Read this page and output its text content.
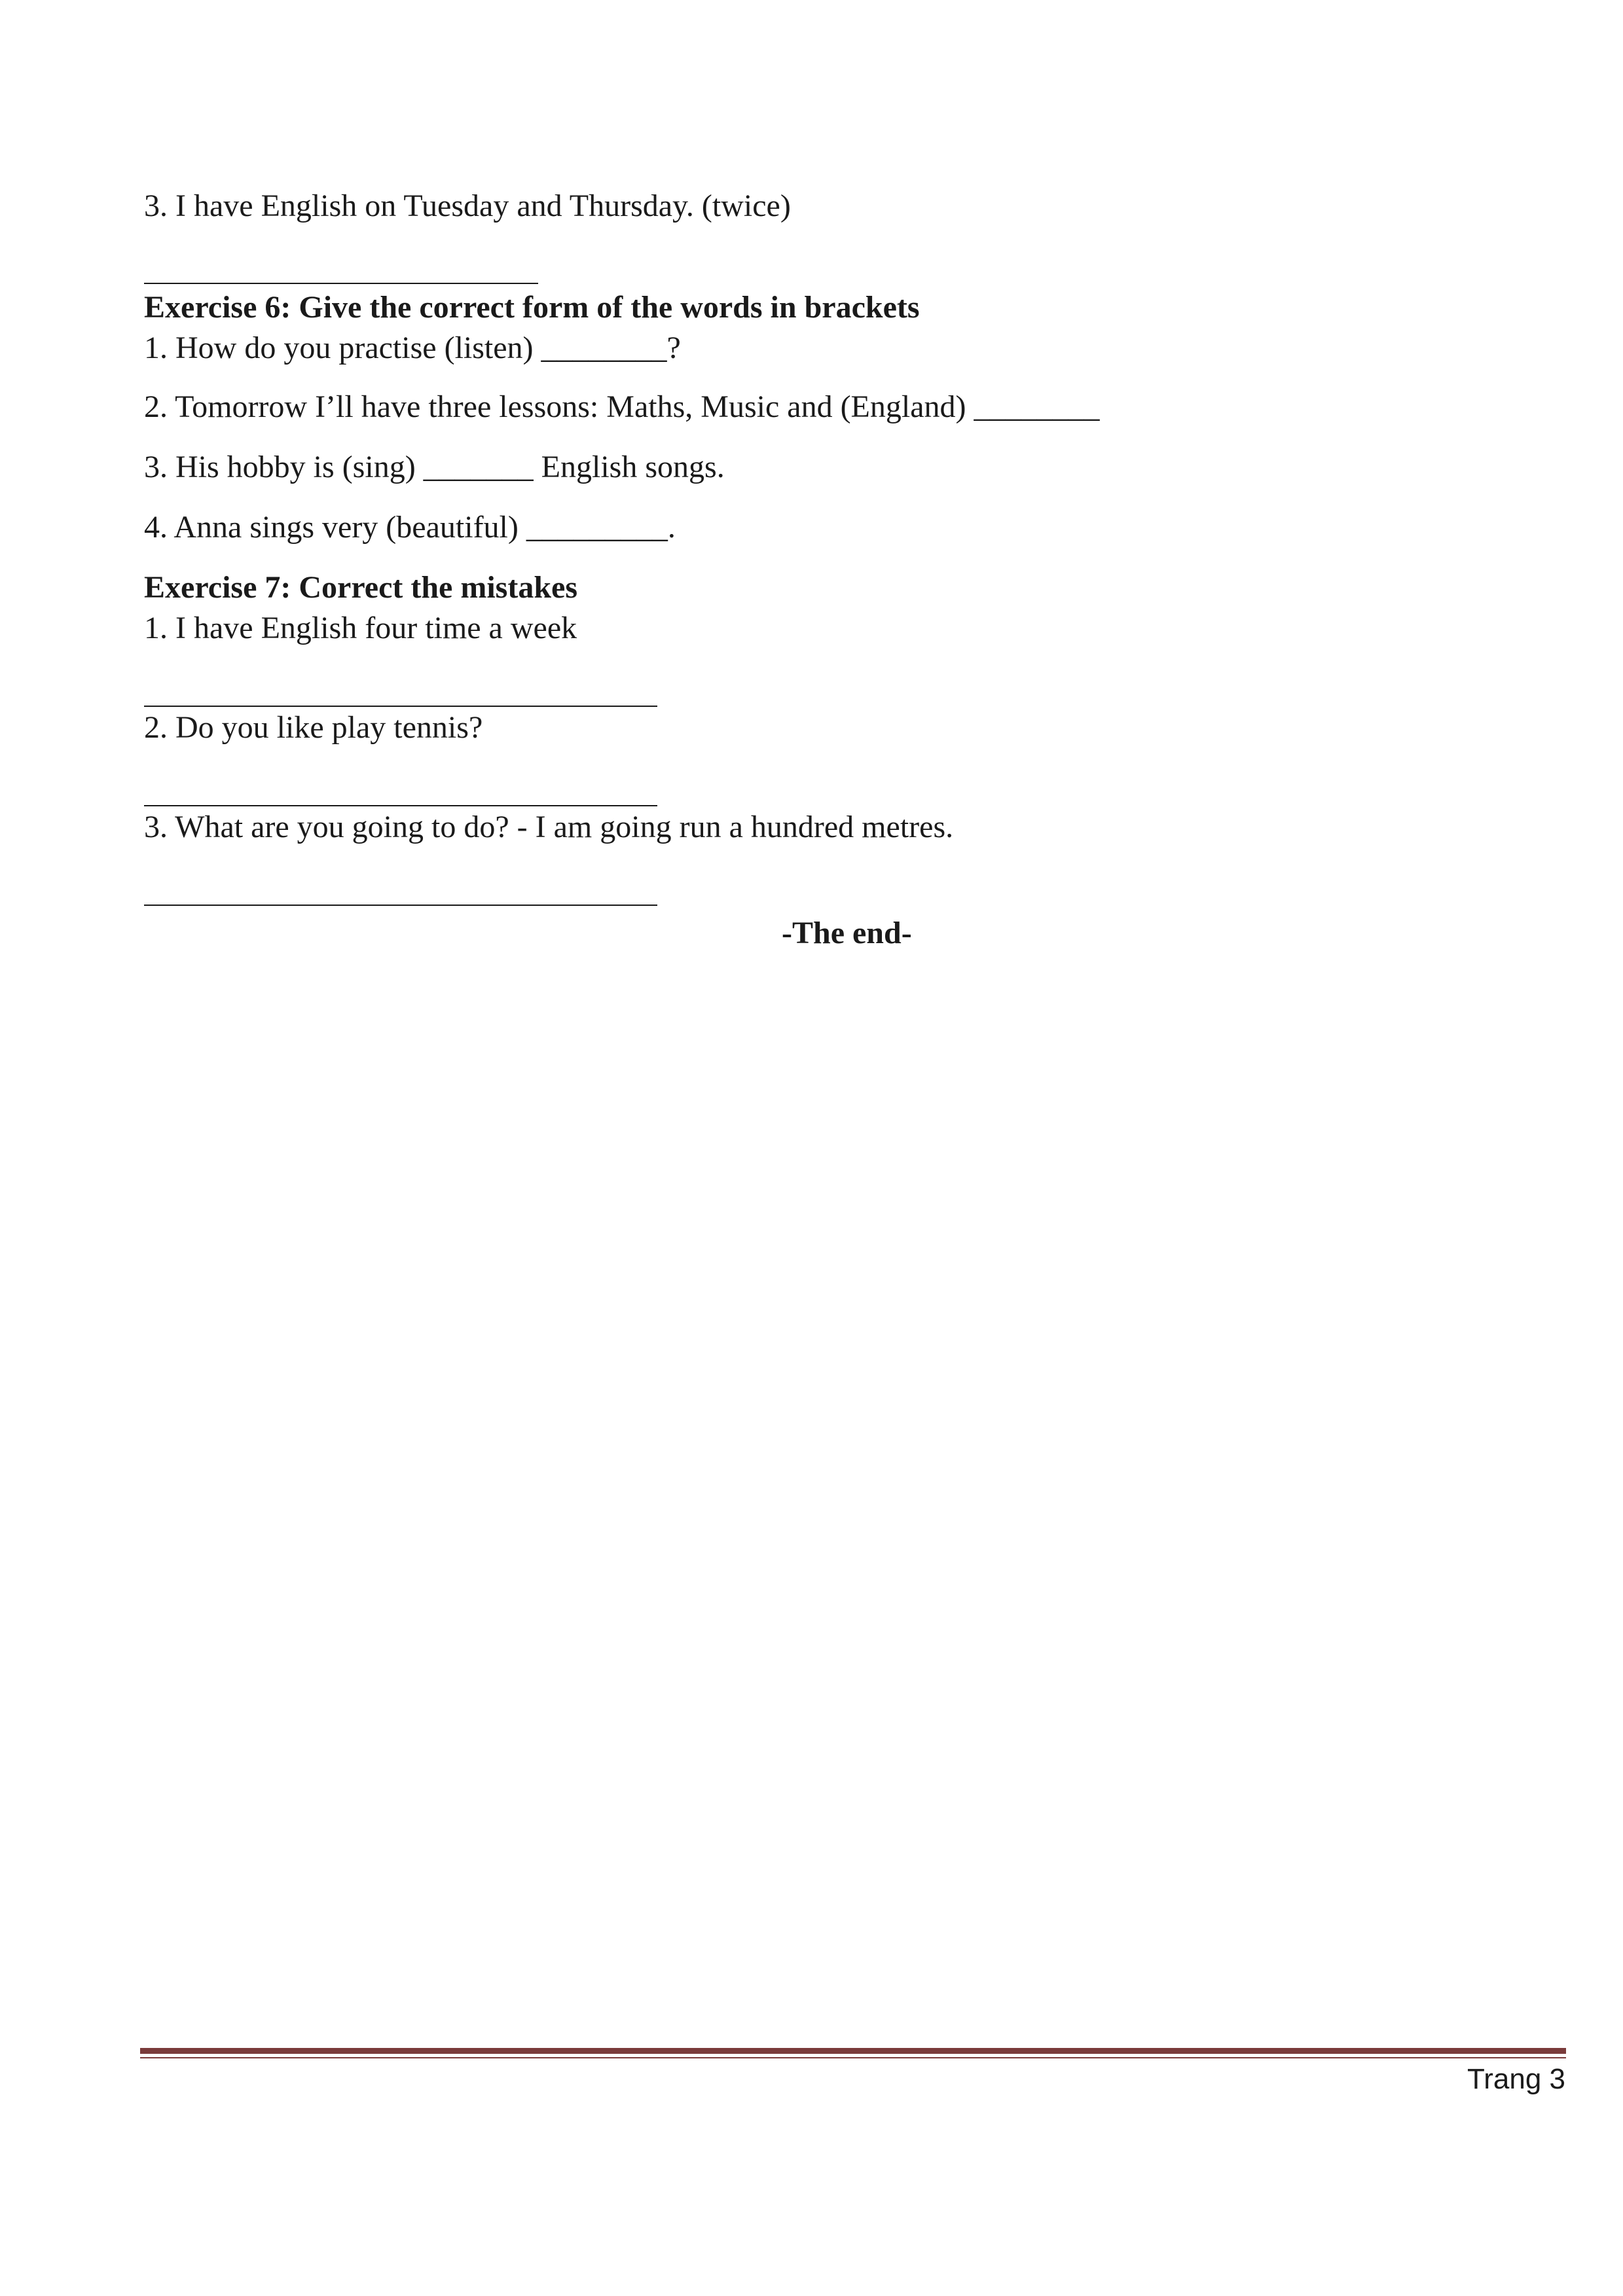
3. I have English on Tuesday and Thursday. (twice)
Exercise 6: Give the correct form of the words in brackets
1. How do you practise (listen) ________?
2. Tomorrow I’ll have three lessons: Maths, Music and (England) ________
3. His hobby is (sing) _______ English songs.
4. Anna sings very (beautiful) _________.
Exercise 7: Correct the mistakes
1. I have English four time a week
2. Do you like play tennis?
3. What are you going to do? - I am going run a hundred metres.
-The end-
Trang 3
